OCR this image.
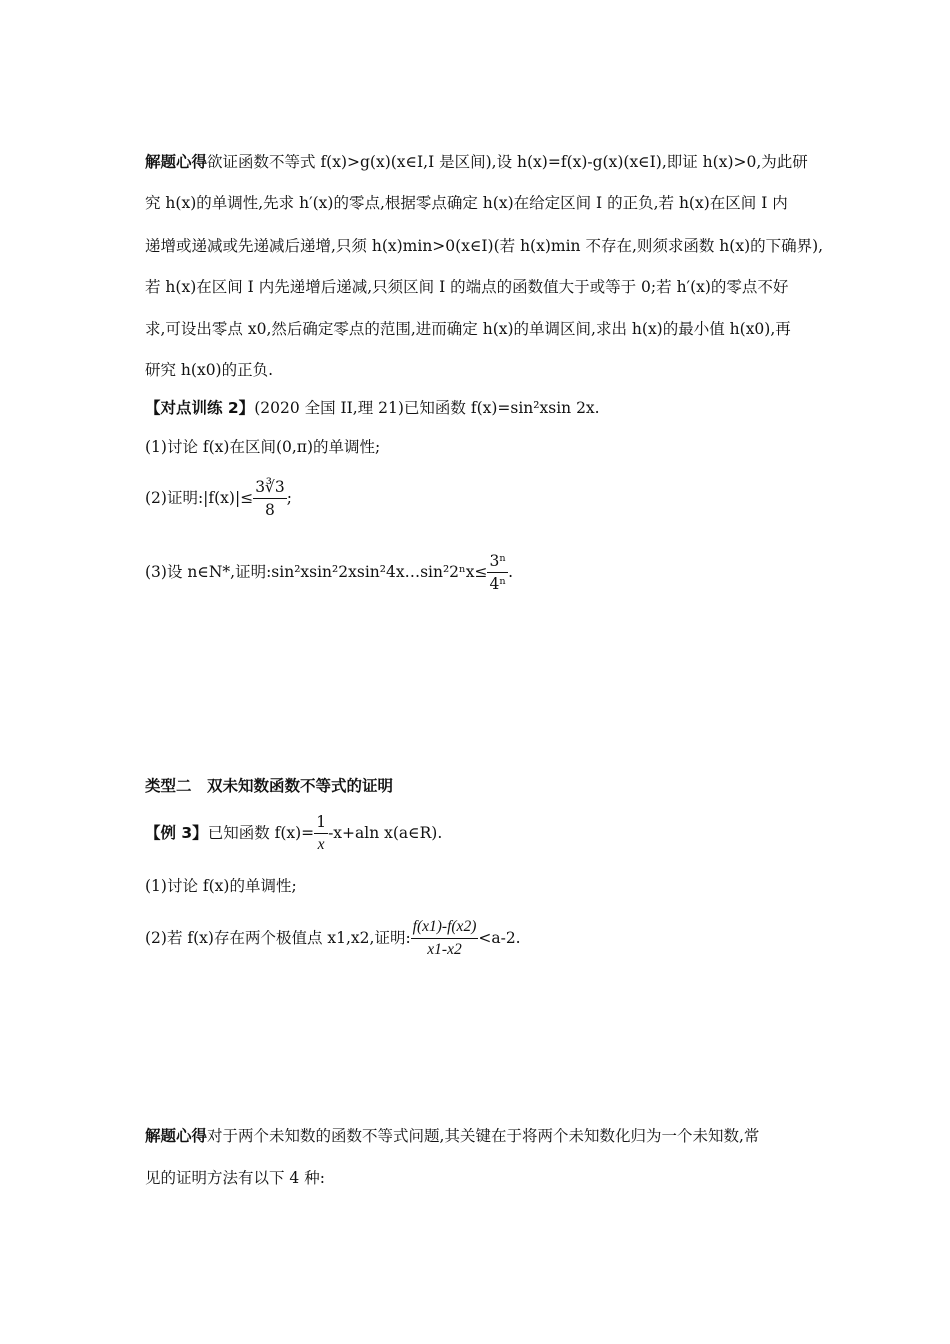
解题心得欲证函数不等式 f(x)>g(x)(x∈I,I 是区间),设 h(x)=f(x)-g(x)(x∈I),即证 h(x)>0,为此研
究 h(x)的单调性,先求 h′(x)的零点,根据零点确定 h(x)在给定区间 I 的正负,若 h(x)在区间 I 内
递增或递减或先递减后递增,只须 h(x)min>0(x∈I)(若 h(x)min 不存在,则须求函数 h(x)的下确界),
若 h(x)在区间 I 内先递增后递减,只须区间 I 的端点的函数值大于或等于 0;若 h′(x)的零点不好
求,可设出零点 x0,然后确定零点的范围,进而确定 h(x)的单调区间,求出 h(x)的最小值 h(x0),再
研究 h(x0)的正负.
【对点训练 2】(2020 全国 II,理 21)已知函数 f(x)=sin²xsin 2x.
(1)讨论 f(x)在区间(0,π)的单调性;
(2)证明:|f(x)|≤ $\frac{3∛3}{8}$ ;
(3)设 n∈N*,证明:sin²xsin²2xsin²4x…sin²2ⁿx≤ $\frac{\text{3ⁿ}}{\text{4ⁿ}}$ .
类型二　双未知数函数不等式的证明
【例 3】已知函数 $f(x)= \frac{1}{x} -x+aln$ x(a∈R).
(1)讨论 f(x)的单调性;
(2)若 f(x)存在两个极值点 x1,x2,证明: $\frac{f(x1)-f(x2)}{x1-x2} <a-2$.
解题心得对于两个未知数的函数不等式问题,其关键在于将两个未知数化归为一个未知数,常
见的证明方法有以下 4 种:
